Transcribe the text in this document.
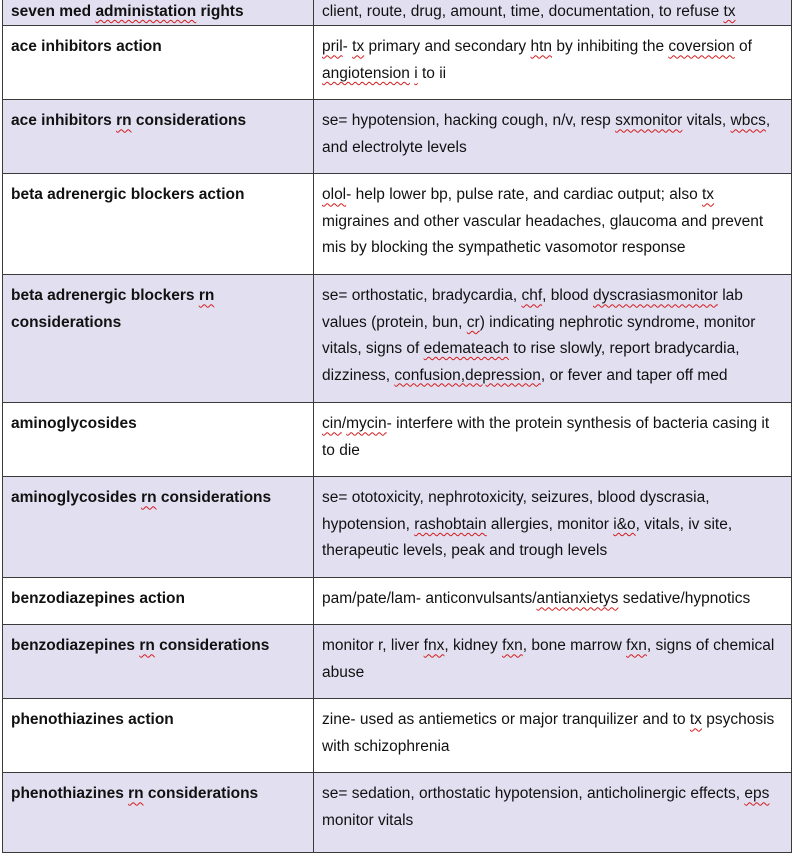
seven med administation rights	client, route, drug, amount, time, documentation, to refuse tx
ace inhibitors action	pril- tx primary and secondary htn by inhibiting the coversion of angiotension i to ii
ace inhibitors rn considerations	se= hypotension, hacking cough, n/v, resp sxmonitor vitals, wbcs, and electrolyte levels
beta adrenergic blockers action	olol- help lower bp, pulse rate, and cardiac output; also tx migraines and other vascular headaches, glaucoma and prevent mis by blocking the sympathetic vasomotor response
beta adrenergic blockers rn considerations	se= orthostatic, bradycardia, chf, blood dyscrasiasmonitor lab values (protein, bun, cr) indicating nephrotic syndrome, monitor vitals, signs of edemateach to rise slowly, report bradycardia, dizziness, confusion,depression, or fever and taper off med
aminoglycosides	cin/mycin- interfere with the protein synthesis of bacteria casing it to die
aminoglycosides rn considerations	se= ototoxicity, nephrotoxicity, seizures, blood dyscrasia, hypotension, rashobtain allergies, monitor i&o, vitals, iv site, therapeutic levels, peak and trough levels
benzodiazepines action	pam/pate/lam- anticonvulsants/antianxietys sedative/hypnotics
benzodiazepines rn considerations	monitor r, liver fnx, kidney fxn, bone marrow fxn, signs of chemical abuse
phenothiazines action	zine- used as antiemetics or major tranquilizer and to tx psychosis with schizophrenia
phenothiazines rn considerations	se= sedation, orthostatic hypotension, anticholinergic effects, eps monitor vitals
